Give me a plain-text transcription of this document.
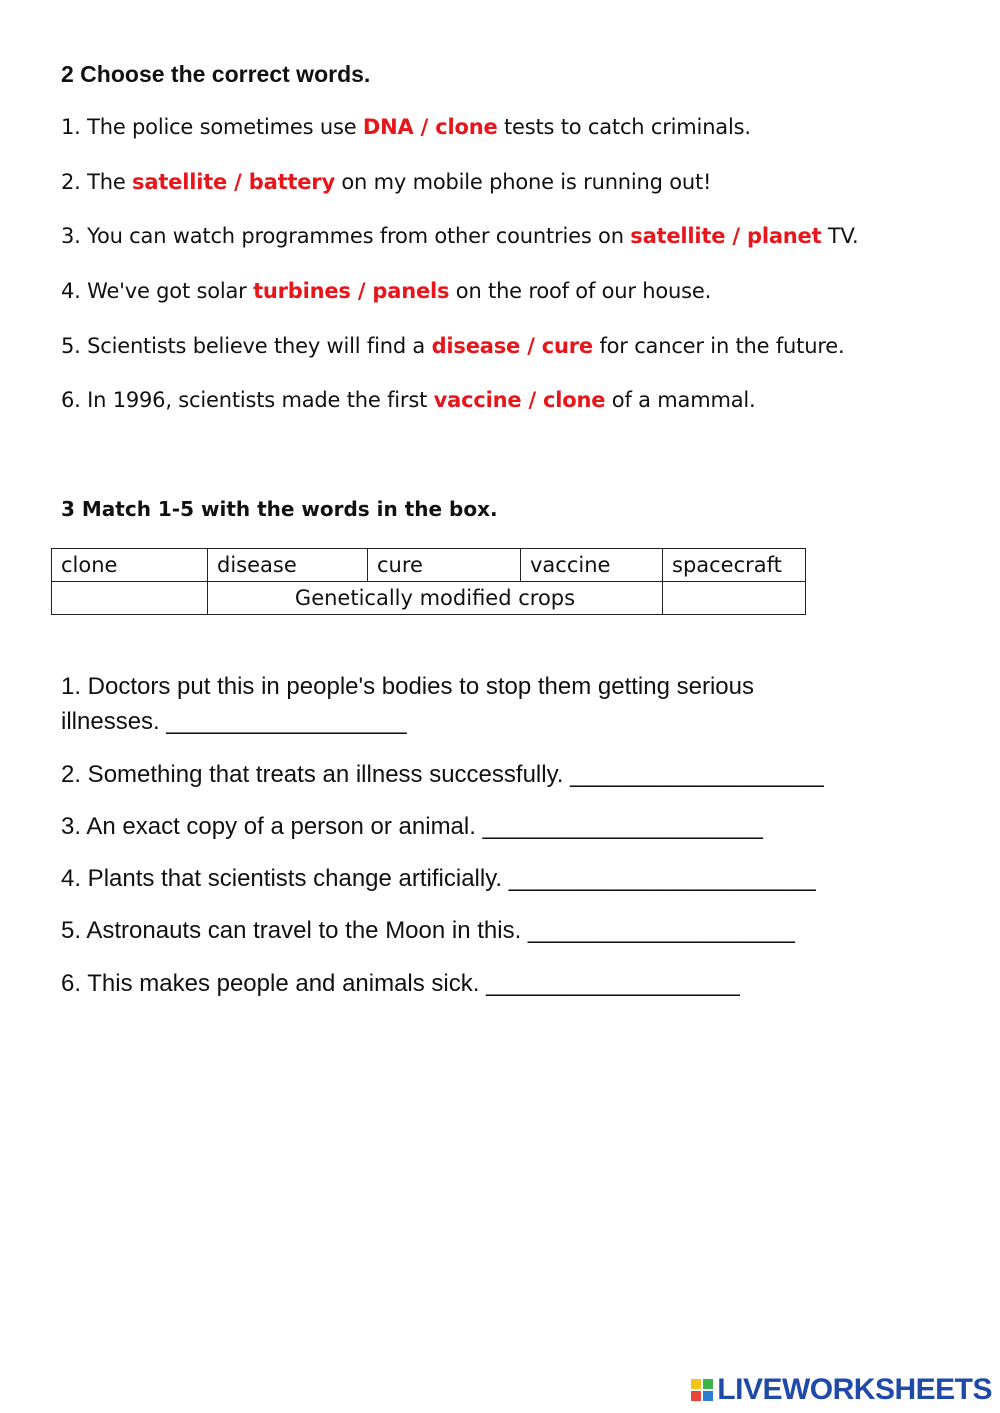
2 Choose the correct words.
1. The police sometimes use DNA / clone tests to catch criminals.
2. The satellite / battery on my mobile phone is running out!
3. You can watch programmes from other countries on satellite / planet TV.
4. We've got solar turbines / panels on the roof of our house.
5. Scientists believe they will find a disease / cure for cancer in the future.
6. In 1996, scientists made the first vaccine / clone of a mammal.
3 Match 1-5 with the words in the box.
clone	disease	cure	vaccine	spacecraft
	Genetically modified crops			
1. Doctors put this in people's bodies to stop them getting serious
illnesses. __________________
2. Something that treats an illness successfully. ___________________
3. An exact copy of a person or animal. _____________________
4. Plants that scientists change artificially. _______________________
5. Astronauts can travel to the Moon in this. ____________________
6. This makes people and animals sick. ___________________
LIVEWORKSHEETS
